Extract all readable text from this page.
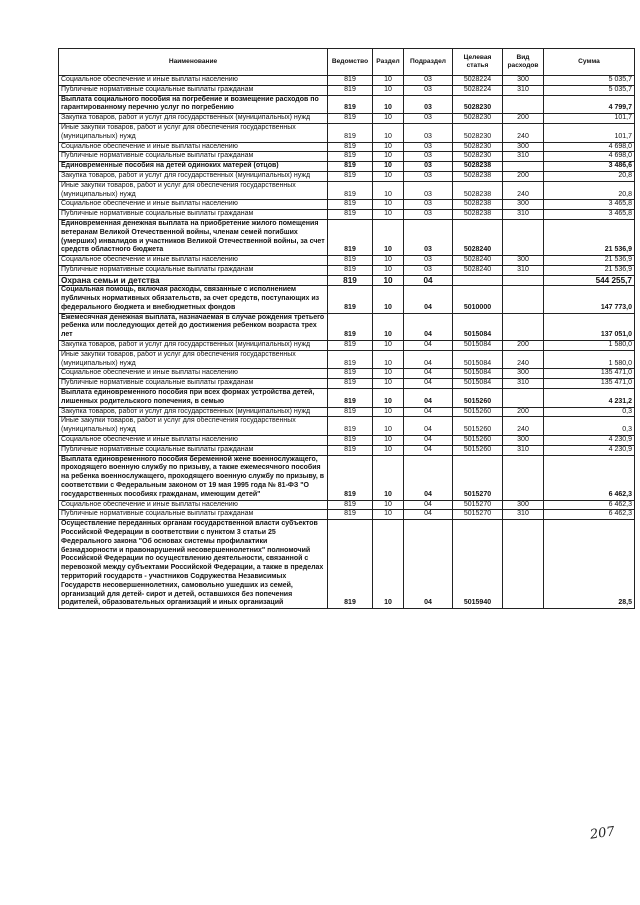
Наименование	Ведомство	Раздел	Подраздел	Целевая статья	Вид расходов	Сумма
Социальное обеспечение и иные выплаты населению	819	10	03	5028224	300	5 035,7
Публичные нормативные социальные выплаты гражданам	819	10	03	5028224	310	5 035,7
Выплата социального пособия на погребение и возмещение расходов по гарантированному перечню услуг по погребению	819	10	03	5028230		4 799,7
Закупка товаров, работ и услуг для государственных (муниципальных) нужд	819	10	03	5028230	200	101,7
Иные закупки товаров, работ и услуг для обеспечения государственных (муниципальных) нужд	819	10	03	5028230	240	101,7
Социальное обеспечение и иные выплаты населению	819	10	03	5028230	300	4 698,0
Публичные нормативные социальные выплаты гражданам	819	10	03	5028230	310	4 698,0
Единовременные пособия на детей одиноких матерей (отцов)	819	10	03	5028238		3 486,6
Закупка товаров, работ и услуг для государственных (муниципальных) нужд	819	10	03	5028238	200	20,8
Иные закупки товаров, работ и услуг для обеспечения государственных (муниципальных) нужд	819	10	03	5028238	240	20,8
Социальное обеспечение и иные выплаты населению	819	10	03	5028238	300	3 465,8
Публичные нормативные социальные выплаты гражданам	819	10	03	5028238	310	3 465,8
Единовременная денежная выплата на приобретение жилого помещения ветеранам Великой Отечественной войны, членам семей погибших (умерших) инвалидов и участников Великой Отечественной войны, за счет средств областного бюджета	819	10	03	5028240		21 536,9
Социальное обеспечение и иные выплаты населению	819	10	03	5028240	300	21 536,9
Публичные нормативные социальные выплаты гражданам	819	10	03	5028240	310	21 536,9
Охрана семьи и детства	819	10	04			544 255,7
Социальная помощь, включая расходы, связанные с исполнением публичных нормативных обязательств, за счет средств, поступающих из федерального бюджета и внебюджетных фондов	819	10	04	5010000		147 773,0
Ежемесячная денежная выплата, назначаемая в случае рождения третьего ребенка или последующих детей до достижения ребенком возраста трех лет	819	10	04	5015084		137 051,0
Закупка товаров, работ и услуг для государственных (муниципальных) нужд	819	10	04	5015084	200	1 580,0
Иные закупки товаров, работ и услуг для обеспечения государственных (муниципальных) нужд	819	10	04	5015084	240	1 580,0
Социальное обеспечение и иные выплаты населению	819	10	04	5015084	300	135 471,0
Публичные нормативные социальные выплаты гражданам	819	10	04	5015084	310	135 471,0
Выплата единовременного пособия при всех формах устройства детей, лишенных родительского попечения, в семью	819	10	04	5015260		4 231,2
Закупка товаров, работ и услуг для государственных (муниципальных) нужд	819	10	04	5015260	200	0,3
Иные закупки товаров, работ и услуг для обеспечения государственных (муниципальных) нужд	819	10	04	5015260	240	0,3
Социальное обеспечение и иные выплаты населению	819	10	04	5015260	300	4 230,9
Публичные нормативные социальные выплаты гражданам	819	10	04	5015260	310	4 230,9
Выплата единовременного пособия беременной жене военнослужащего, проходящего военную службу по призыву, а также ежемесячного пособия на ребенка военнослужащего, проходящего военную службу по призыву, в соответствии с Федеральным законом от 19 мая 1995 года № 81-ФЗ "О государственных пособиях гражданам, имеющим детей"	819	10	04	5015270		6 462,3
Социальное обеспечение и иные выплаты населению	819	10	04	5015270	300	6 462,3
Публичные нормативные социальные выплаты гражданам	819	10	04	5015270	310	6 462,3
Осуществление переданных органам государственной власти субъектов Российской Федерации в соответствии с пунктом 3 статьи 25 Федерального закона "Об основах системы профилактики безнадзорности и правонарушений несовершеннолетних" полномочий Российской Федерации по осуществлению деятельности, связанной с перевозкой между субъектами Российской Федерации, а также в пределах территорий государств - участников Содружества Независимых Государств несовершеннолетних, самовольно ушедших из семей, организаций для детей- сирот и детей, оставшихся без попечения родителей, образовательных организаций и иных организаций	819	10	04	5015940		28,5
207
